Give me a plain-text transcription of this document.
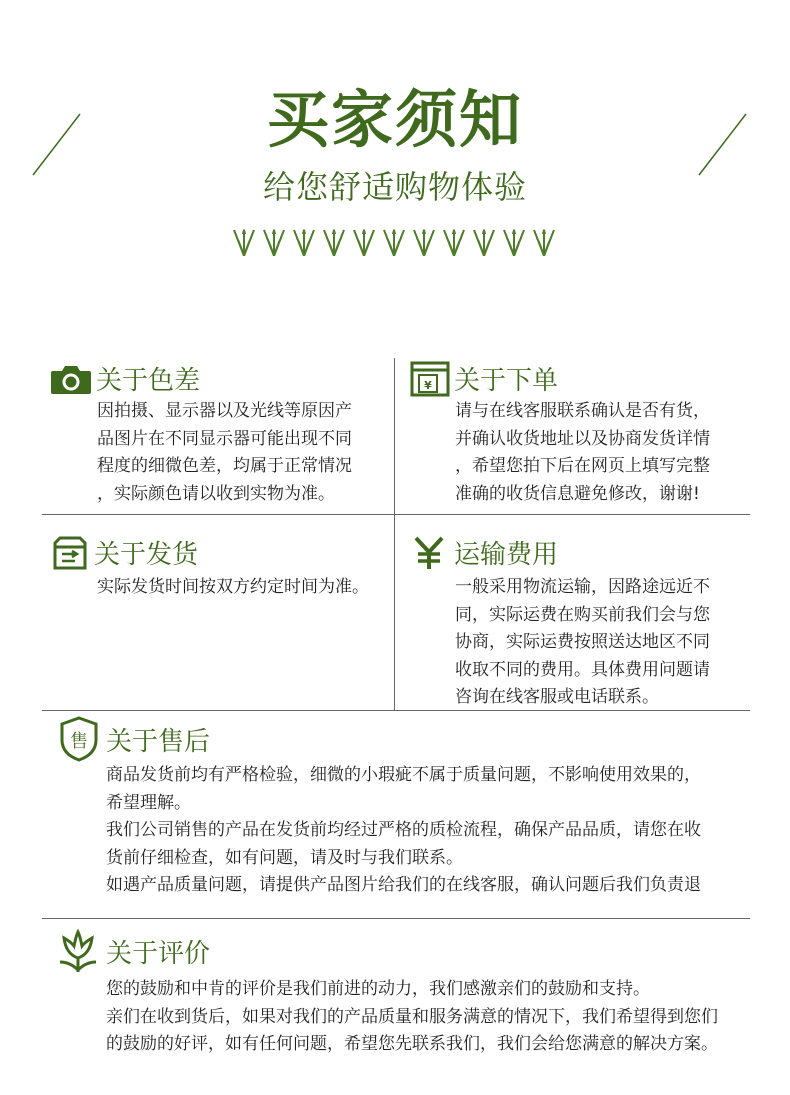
买家须知
给您舒适购物体验
关于色差

因拍摄、显示器以及光线等原因产

品图片在不同显示器可能出现不同

程度的细微色差，均属于正常情况

，实际颜色请以收到实物为准。

¥ 关于下单

请与在线客服联系确认是否有货，

并确认收货地址以及协商发货详情

，希望您拍下后在网页上填写完整

准确的收货信息避免修改，谢谢!

关于发货

实际发货时间按双方约定时间为准。

运输费用

一般采用物流运输，因路途远近不

同，实际运费在购买前我们会与您

协商，实际运费按照送达地区不同

收取不同的费用。具体费用问题请

咨询在线客服或电话联系。

售 关于售后

商品发货前均有严格检验，细微的小瑕疵不属于质量问题，不影响使用效果的，

希望理解。

我们公司销售的产品在发货前均经过严格的质检流程，确保产品品质，请您在收

货前仔细检查，如有问题，请及时与我们联系。

如遇产品质量问题，请提供产品图片给我们的在线客服，确认问题后我们负责退

关于评价

您的鼓励和中肯的评价是我们前进的动力，我们感激亲们的鼓励和支持。

亲们在收到货后，如果对我们的产品质量和服务满意的情况下，我们希望得到您们

的鼓励的好评，如有任何问题，希望您先联系我们，我们会给您满意的解决方案。
